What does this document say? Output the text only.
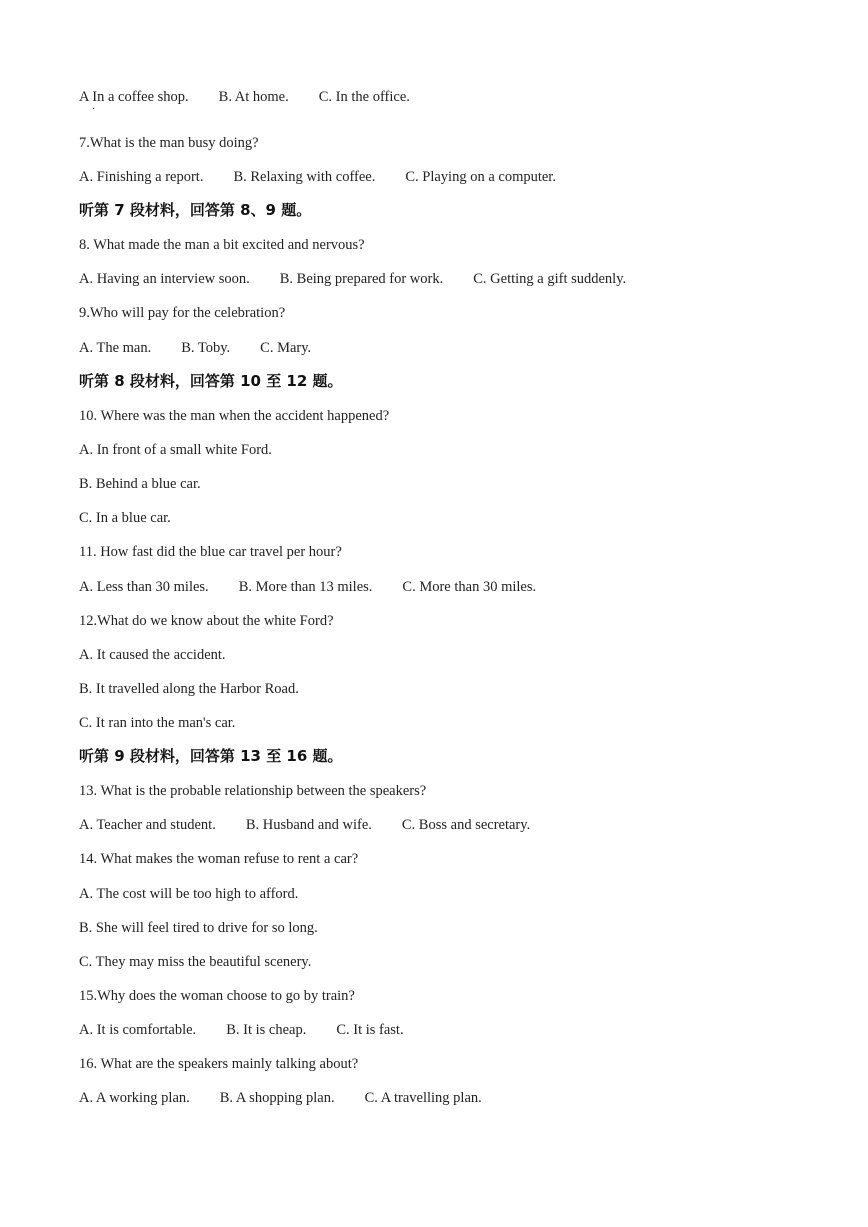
A In a coffee shop. B. At home. C. In the office.
·
7.What is the man busy doing?
A. Finishing a report. B. Relaxing with coffee. C. Playing on a computer.
听第 7 段材料，回答第 8、9 题。
8. What made the man a bit excited and nervous?
A. Having an interview soon. B. Being prepared for work. C. Getting a gift suddenly.
9.Who will pay for the celebration?
A. The man. B. Toby. C. Mary.
听第 8 段材料，回答第 10 至 12 题。
10. Where was the man when the accident happened?
A. In front of a small white Ford.
B. Behind a blue car.
C. In a blue car.
11. How fast did the blue car travel per hour?
A. Less than 30 miles. B. More than 13 miles. C. More than 30 miles.
12.What do we know about the white Ford?
A. It caused the accident.
B. It travelled along the Harbor Road.
C. It ran into the man's car.
听第 9 段材料，回答第 13 至 16 题。
13. What is the probable relationship between the speakers?
A. Teacher and student. B. Husband and wife. C. Boss and secretary.
14. What makes the woman refuse to rent a car?
A. The cost will be too high to afford.
B. She will feel tired to drive for so long.
C. They may miss the beautiful scenery.
15.Why does the woman choose to go by train?
A. It is comfortable. B. It is cheap. C. It is fast.
16. What are the speakers mainly talking about?
A. A working plan. B. A shopping plan. C. A travelling plan.
